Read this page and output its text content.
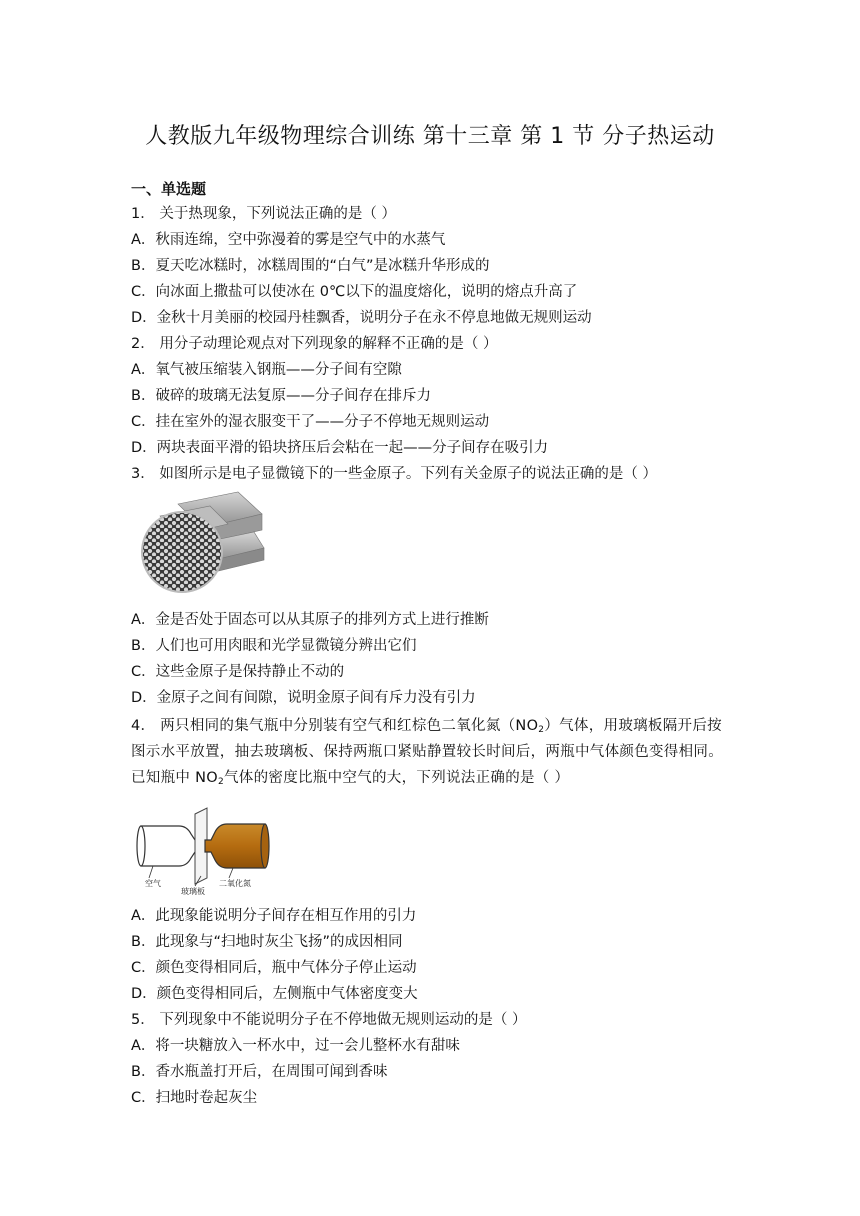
人教版九年级物理综合训练 第十三章 第 1 节 分子热运动
一、单选题
1． 关于热现象，下列说法正确的是（ ）
A．秋雨连绵，空中弥漫着的雾是空气中的水蒸气
B．夏天吃冰糕时，冰糕周围的“白气”是冰糕升华形成的
C．向冰面上撒盐可以使冰在 0℃以下的温度熔化，说明的熔点升高了
D．金秋十月美丽的校园丹桂飘香，说明分子在永不停息地做无规则运动
2． 用分子动理论观点对下列现象的解释不正确的是（ ）
A．氧气被压缩装入钢瓶——分子间有空隙
B．破碎的玻璃无法复原——分子间存在排斥力
C．挂在室外的湿衣服变干了——分子不停地无规则运动
D．两块表面平滑的铅块挤压后会粘在一起——分子间存在吸引力
3． 如图所示是电子显微镜下的一些金原子。下列有关金原子的说法正确的是（ ）
A．金是否处于固态可以从其原子的排列方式上进行推断
B．人们也可用肉眼和光学显微镜分辨出它们
C．这些金原子是保持静止不动的
D．金原子之间有间隙，说明金原子间有斥力没有引力
4． 两只相同的集气瓶中分别装有空气和红棕色二氧化氮$(NO_2)$气体，用玻璃板隔开后按
图示水平放置，抽去玻璃板、保持两瓶口紧贴静置较长时间后，两瓶中气体颜色变得相同。
已知瓶中 $NO_2$气体的密度比瓶中空气的大，下列说法正确的是（ ）
空气
玻璃板
二氧化氮
A．此现象能说明分子间存在相互作用的引力
B．此现象与“扫地时灰尘飞扬”的成因相同
C．颜色变得相同后，瓶中气体分子停止运动
D．颜色变得相同后，左侧瓶中气体密度变大
5． 下列现象中不能说明分子在不停地做无规则运动的是（ ）
A．将一块糖放入一杯水中，过一会儿整杯水有甜味
B．香水瓶盖打开后，在周围可闻到香味
C．扫地时卷起灰尘
